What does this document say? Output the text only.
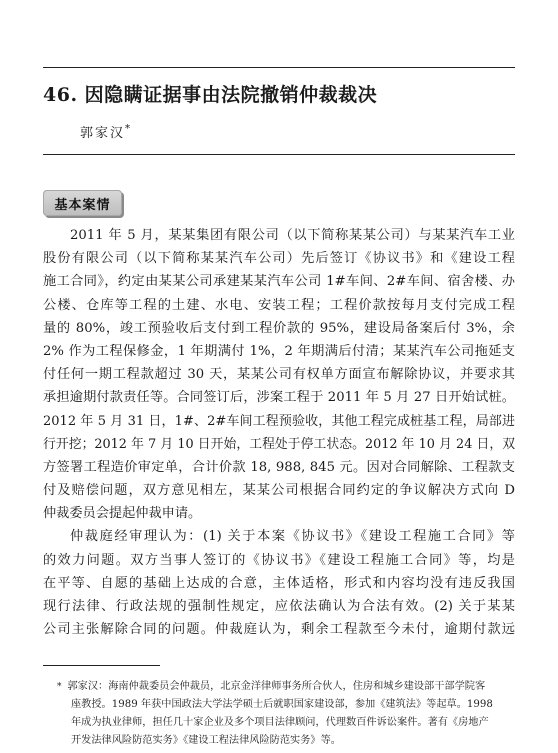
46. 因隐瞒证据事由法院撤销仲裁裁决
郭家汉*
基本案情
2011 年 5 月，某某集团有限公司（以下简称某某公司）与某某汽车工业
股份有限公司（以下简称某某汽车公司）先后签订《协议书》和《建设工程
施工合同》，约定由某某公司承建某某汽车公司 1#车间、2#车间、宿舍楼、办
公楼、仓库等工程的土建、水电、安装工程；工程价款按每月支付完成工程
量的 80%，竣工预验收后支付到工程价款的 95%，建设局备案后付 3%，余
2% 作为工程保修金，1 年期满付 1%，2 年期满后付清；某某汽车公司拖延支
付任何一期工程款超过 30 天，某某公司有权单方面宣布解除协议，并要求其
承担逾期付款责任等。合同签订后，涉案工程于 2011 年 5 月 27 日开始试桩。
2012 年 5 月 31 日，1#、2#车间工程预验收，其他工程完成桩基工程，局部进
行开挖；2012 年 7 月 10 日开始，工程处于停工状态。2012 年 10 月 24 日，双
方签署工程造价审定单，合计价款 18, 988, 845 元。因对合同解除、工程款支
付及赔偿问题，双方意见相左，某某公司根据合同约定的争议解决方式向 D
仲裁委员会提起仲裁申请。
仲裁庭经审理认为：(1) 关于本案《协议书》《建设工程施工合同》等
的效力问题。双方当事人签订的《协议书》《建设工程施工合同》等，均是
在平等、自愿的基础上达成的合意，主体适格，形式和内容均没有违反我国
现行法律、行政法规的强制性规定，应依法确认为合法有效。(2) 关于某某
公司主张解除合同的问题。仲裁庭认为，剩余工程款至今未付，逾期付款远
* 郭家汉：海南仲裁委员会仲裁员，北京金洋律师事务所合伙人，住房和城乡建设部干部学院客
座教授。1989 年获中国政法大学法学硕士后就职国家建设部，参加《建筑法》等起草。1998
年成为执业律师，担任几十家企业及多个项目法律顾问，代理数百件诉讼案件。著有《房地产
开发法律风险防范实务》《建设工程法律风险防范实务》等。
